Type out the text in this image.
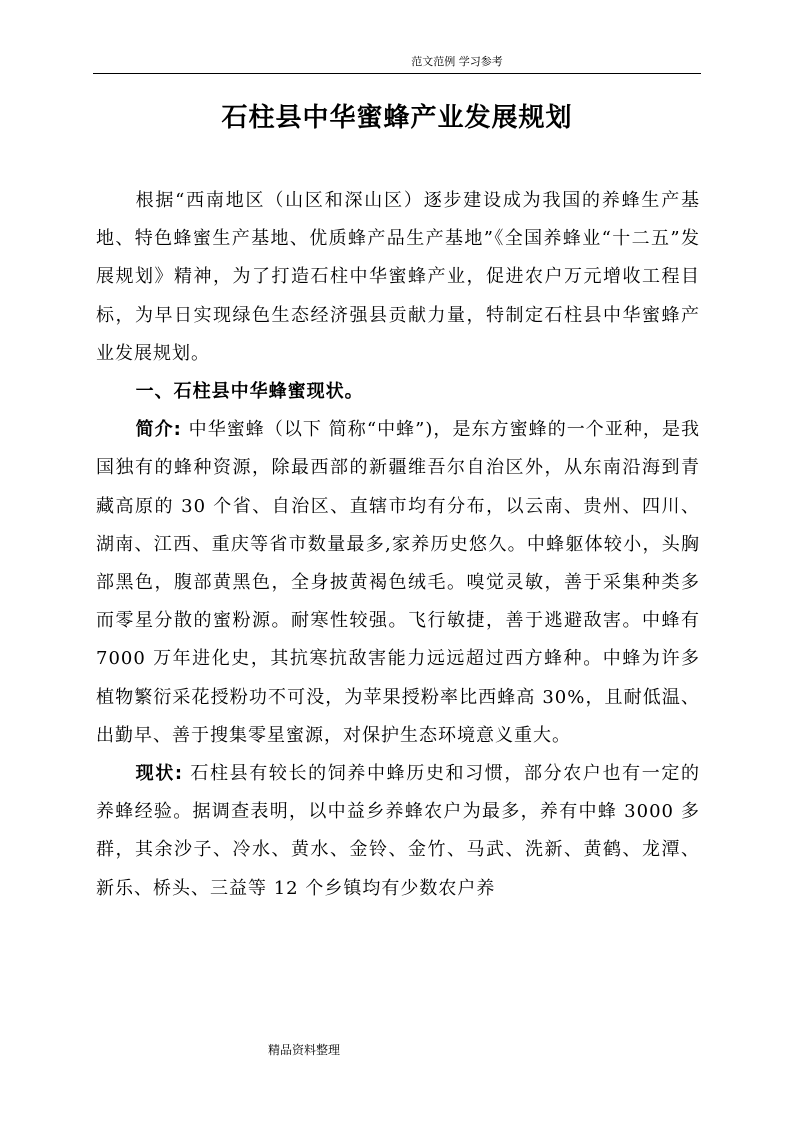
范文范例 学习参考
石柱县中华蜜蜂产业发展规划

根据“西南地区（山区和深山区）逐步建设成为我国的养蜂生产基地、特色蜂蜜生产基地、优质蜂产品生产基地”《全国养蜂业“十二五”发展规划》精神，为了打造石柱中华蜜蜂产业，促进农户万元增收工程目标，为早日实现绿色生态经济强县贡献力量，特制定石柱县中华蜜蜂产业发展规划。

一、石柱县中华蜂蜜现状。

简介: 中华蜜蜂（以下 简称“中蜂”)，是东方蜜蜂的一个亚种，是我国独有的蜂种资源，除最西部的新疆维吾尔自治区外，从东南沿海到青藏高原的 30 个省、自治区、直辖市均有分布，以云南、贵州、四川、湖南、江西、重庆等省市数量最多,家养历史悠久。中蜂躯体较小，头胸部黑色，腹部黄黑色，全身披黄褐色绒毛。嗅觉灵敏，善于采集种类多而零星分散的蜜粉源。耐寒性较强。飞行敏捷，善于逃避敌害。中蜂有 7000 万年进化史，其抗寒抗敌害能力远远超过西方蜂种。中蜂为许多植物繁衍采花授粉功不可没，为苹果授粉率比西蜂高 30%，且耐低温、出勤早、善于搜集零星蜜源，对保护生态环境意义重大。

现状: 石柱县有较长的饲养中蜂历史和习惯，部分农户也有一定的养蜂经验。据调查表明，以中益乡养蜂农户为最多，养有中蜂 3000 多群，其余沙子、冷水、黄水、金铃、金竹、马武、洗新、黄鹤、龙潭、新乐、桥头、三益等 12 个乡镇均有少数农户养

精品资料整理
